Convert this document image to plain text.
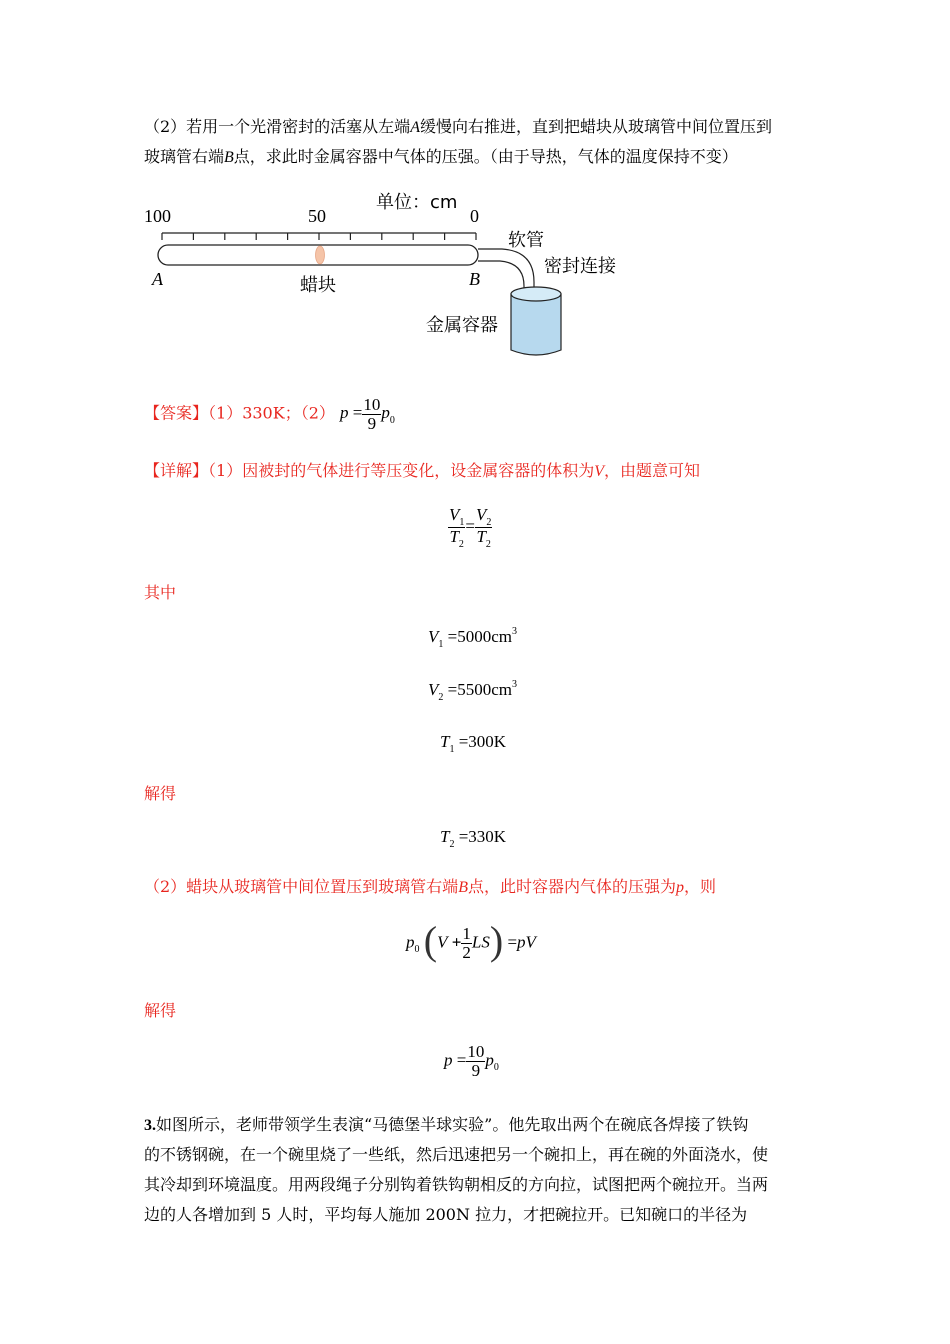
（2）若用一个光滑密封的活塞从左端A缓慢向右推进，直到把蜡块从玻璃管中间位置压到
玻璃管右端B点，求此时金属容器中气体的压强。（由于导热，气体的温度保持不变）
100	50	0
单位：cm
A	B
蜡块
软管
密封连接
金属容器
【答案】（1）330K；（2） $p = \frac{10}{9} p_0$
【详解】（1）因被封的气体进行等压变化，设金属容器的体积为V，由题意可知
$\frac{V_1}{T_2} = \frac{V_2}{T_2}$
其中
$V_1 =5000cm^3$
$V_2 =5500cm^3$
$T_1 =300K$
解得
$T_2 =330K$
（2）蜡块从玻璃管中间位置压到玻璃管右端B点，此时容器内气体的压强为p，则
$p_0$ $(V + \frac{1}{2} LS) =pV$
解得
$p = \frac{10}{9} p_0$
3.如图所示，老师带领学生表演“马德堡半球实验”。他先取出两个在碗底各焊接了铁钩
的不锈钢碗，在一个碗里烧了一些纸，然后迅速把另一个碗扣上，再在碗的外面浇水，使
其冷却到环境温度。用两段绳子分别钩着铁钩朝相反的方向拉，试图把两个碗拉开。当两
边的人各增加到 5 人时，平均每人施加 200N 拉力，才把碗拉开。已知碗口的半径为
